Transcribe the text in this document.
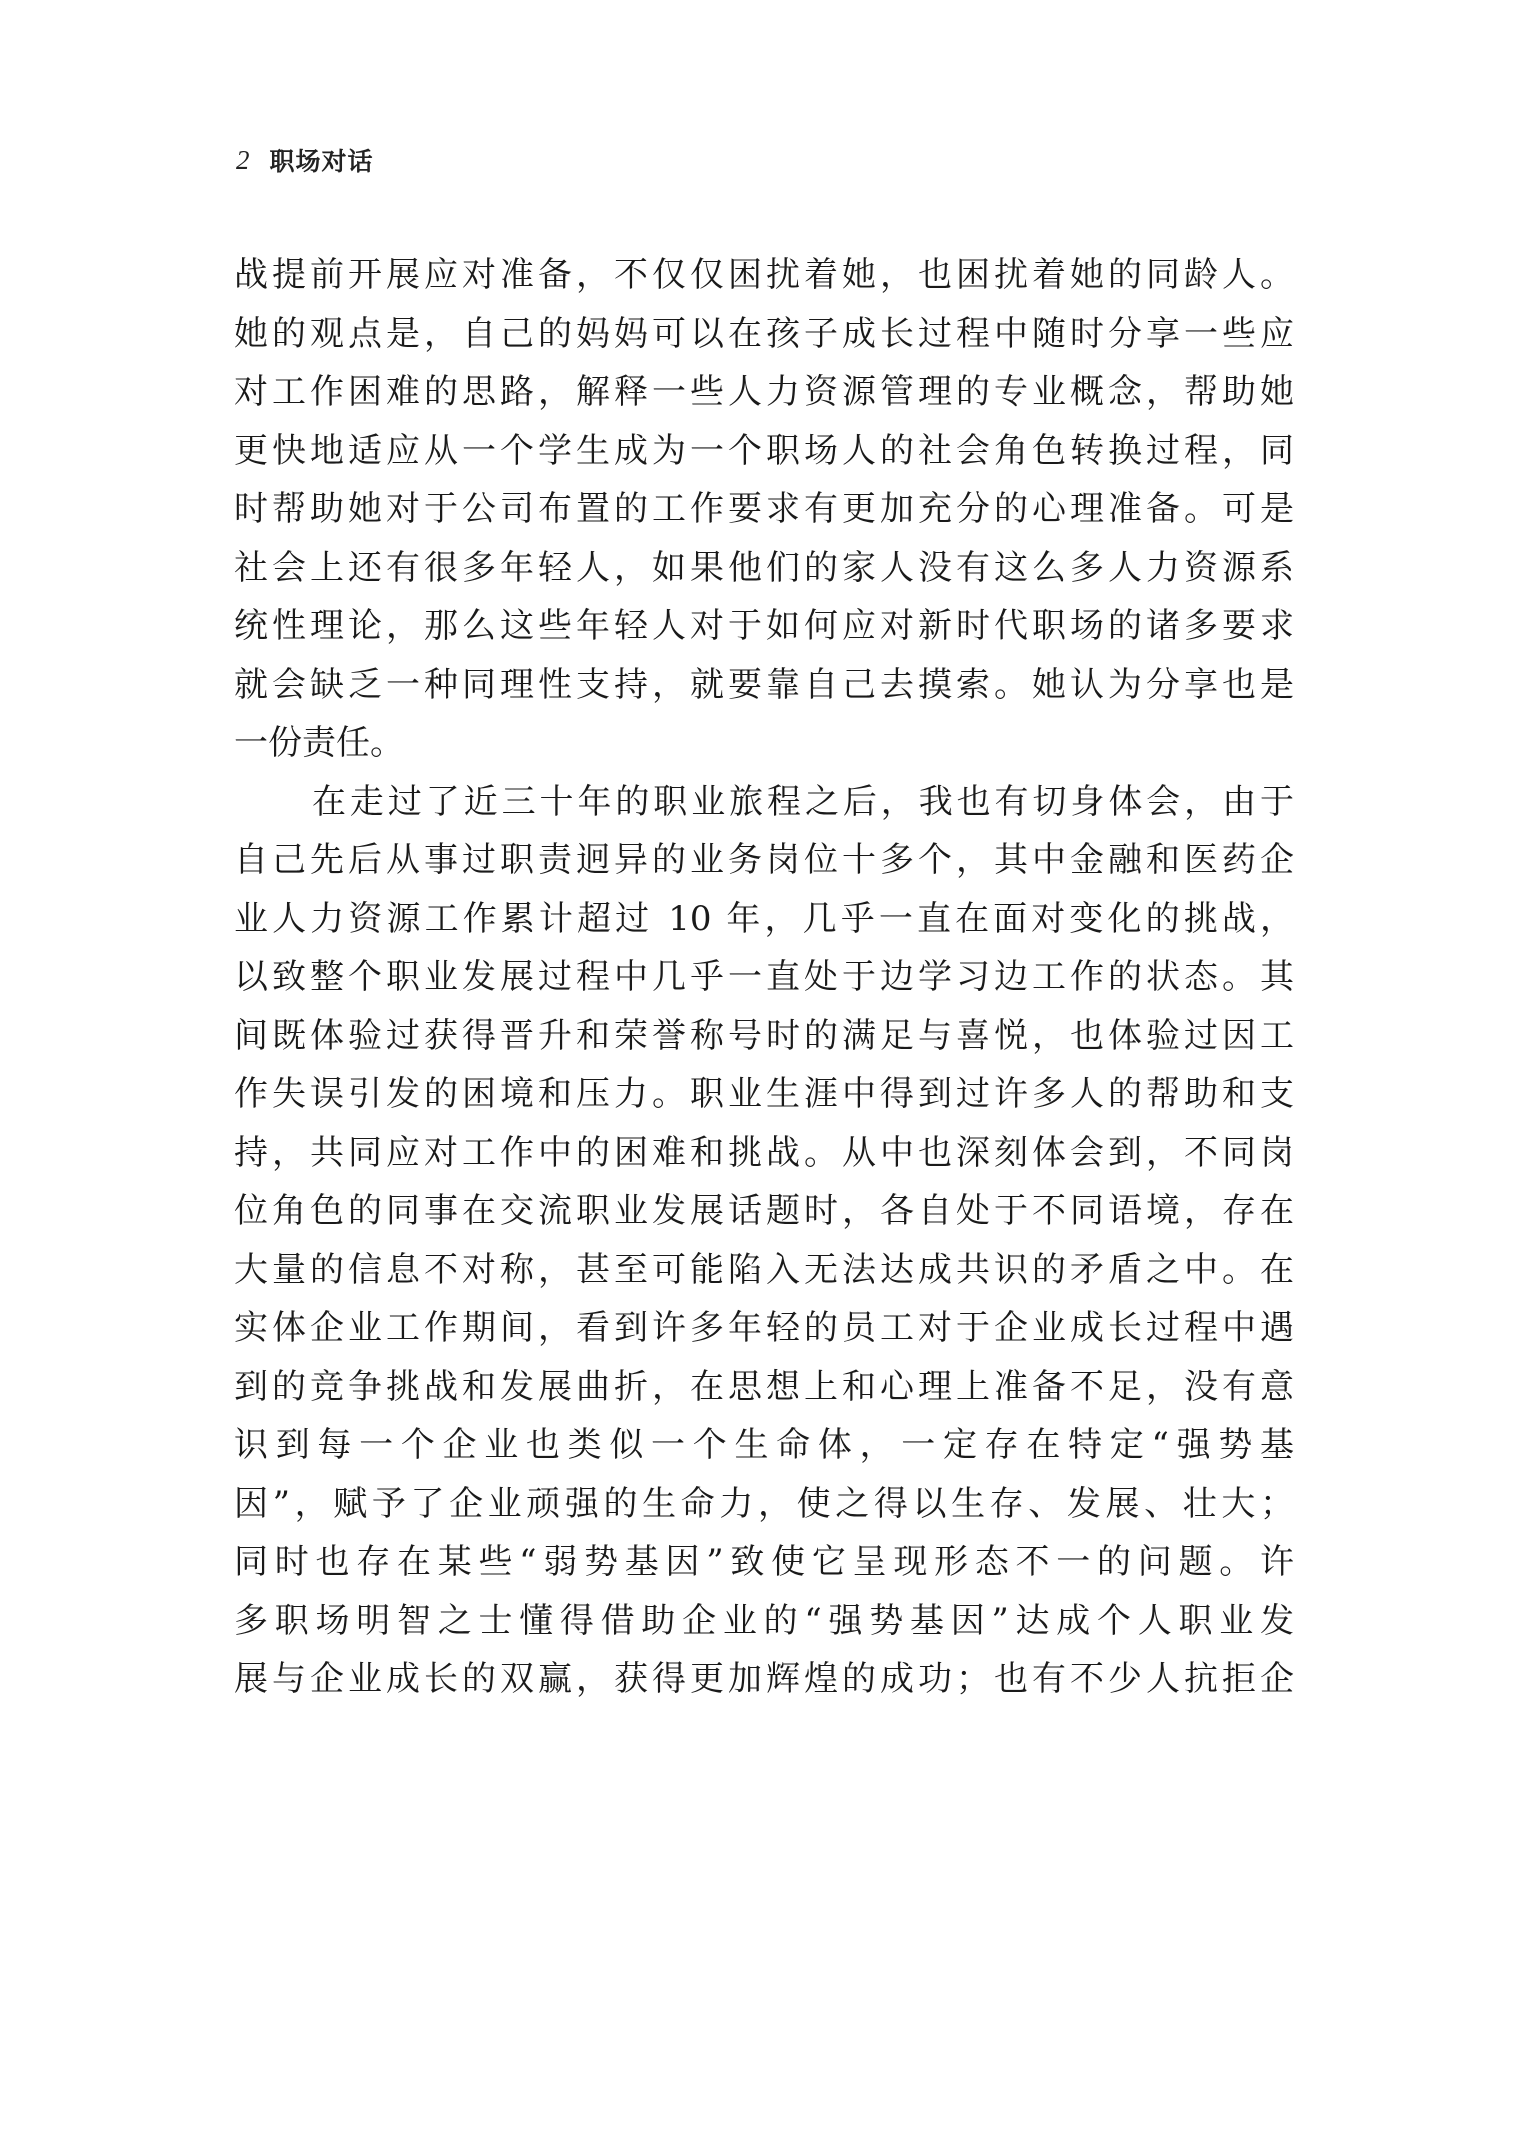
2 职场对话
战提前开展应对准备，不仅仅困扰着她，也困扰着她的同龄人。
她的观点是，自己的妈妈可以在孩子成长过程中随时分享一些应
对工作困难的思路，解释一些人力资源管理的专业概念，帮助她
更快地适应从一个学生成为一个职场人的社会角色转换过程，同
时帮助她对于公司布置的工作要求有更加充分的心理准备。可是
社会上还有很多年轻人，如果他们的家人没有这么多人力资源系
统性理论，那么这些年轻人对于如何应对新时代职场的诸多要求
就会缺乏一种同理性支持，就要靠自己去摸索。她认为分享也是
一份责任。
在走过了近三十年的职业旅程之后，我也有切身体会，由于
自己先后从事过职责迥异的业务岗位十多个，其中金融和医药企
业人力资源工作累计超过 10 年，几乎一直在面对变化的挑战，
以致整个职业发展过程中几乎一直处于边学习边工作的状态。其
间既体验过获得晋升和荣誉称号时的满足与喜悦，也体验过因工
作失误引发的困境和压力。职业生涯中得到过许多人的帮助和支
持，共同应对工作中的困难和挑战。从中也深刻体会到，不同岗
位角色的同事在交流职业发展话题时，各自处于不同语境，存在
大量的信息不对称，甚至可能陷入无法达成共识的矛盾之中。在
实体企业工作期间，看到许多年轻的员工对于企业成长过程中遇
到的竞争挑战和发展曲折，在思想上和心理上准备不足，没有意
识到每一个企业也类似一个生命体，一定存在特定“强势基
因”，赋予了企业顽强的生命力，使之得以生存、发展、壮大；
同时也存在某些“弱势基因”致使它呈现形态不一的问题。许
多职场明智之士懂得借助企业的“强势基因”达成个人职业发
展与企业成长的双赢，获得更加辉煌的成功；也有不少人抗拒企
